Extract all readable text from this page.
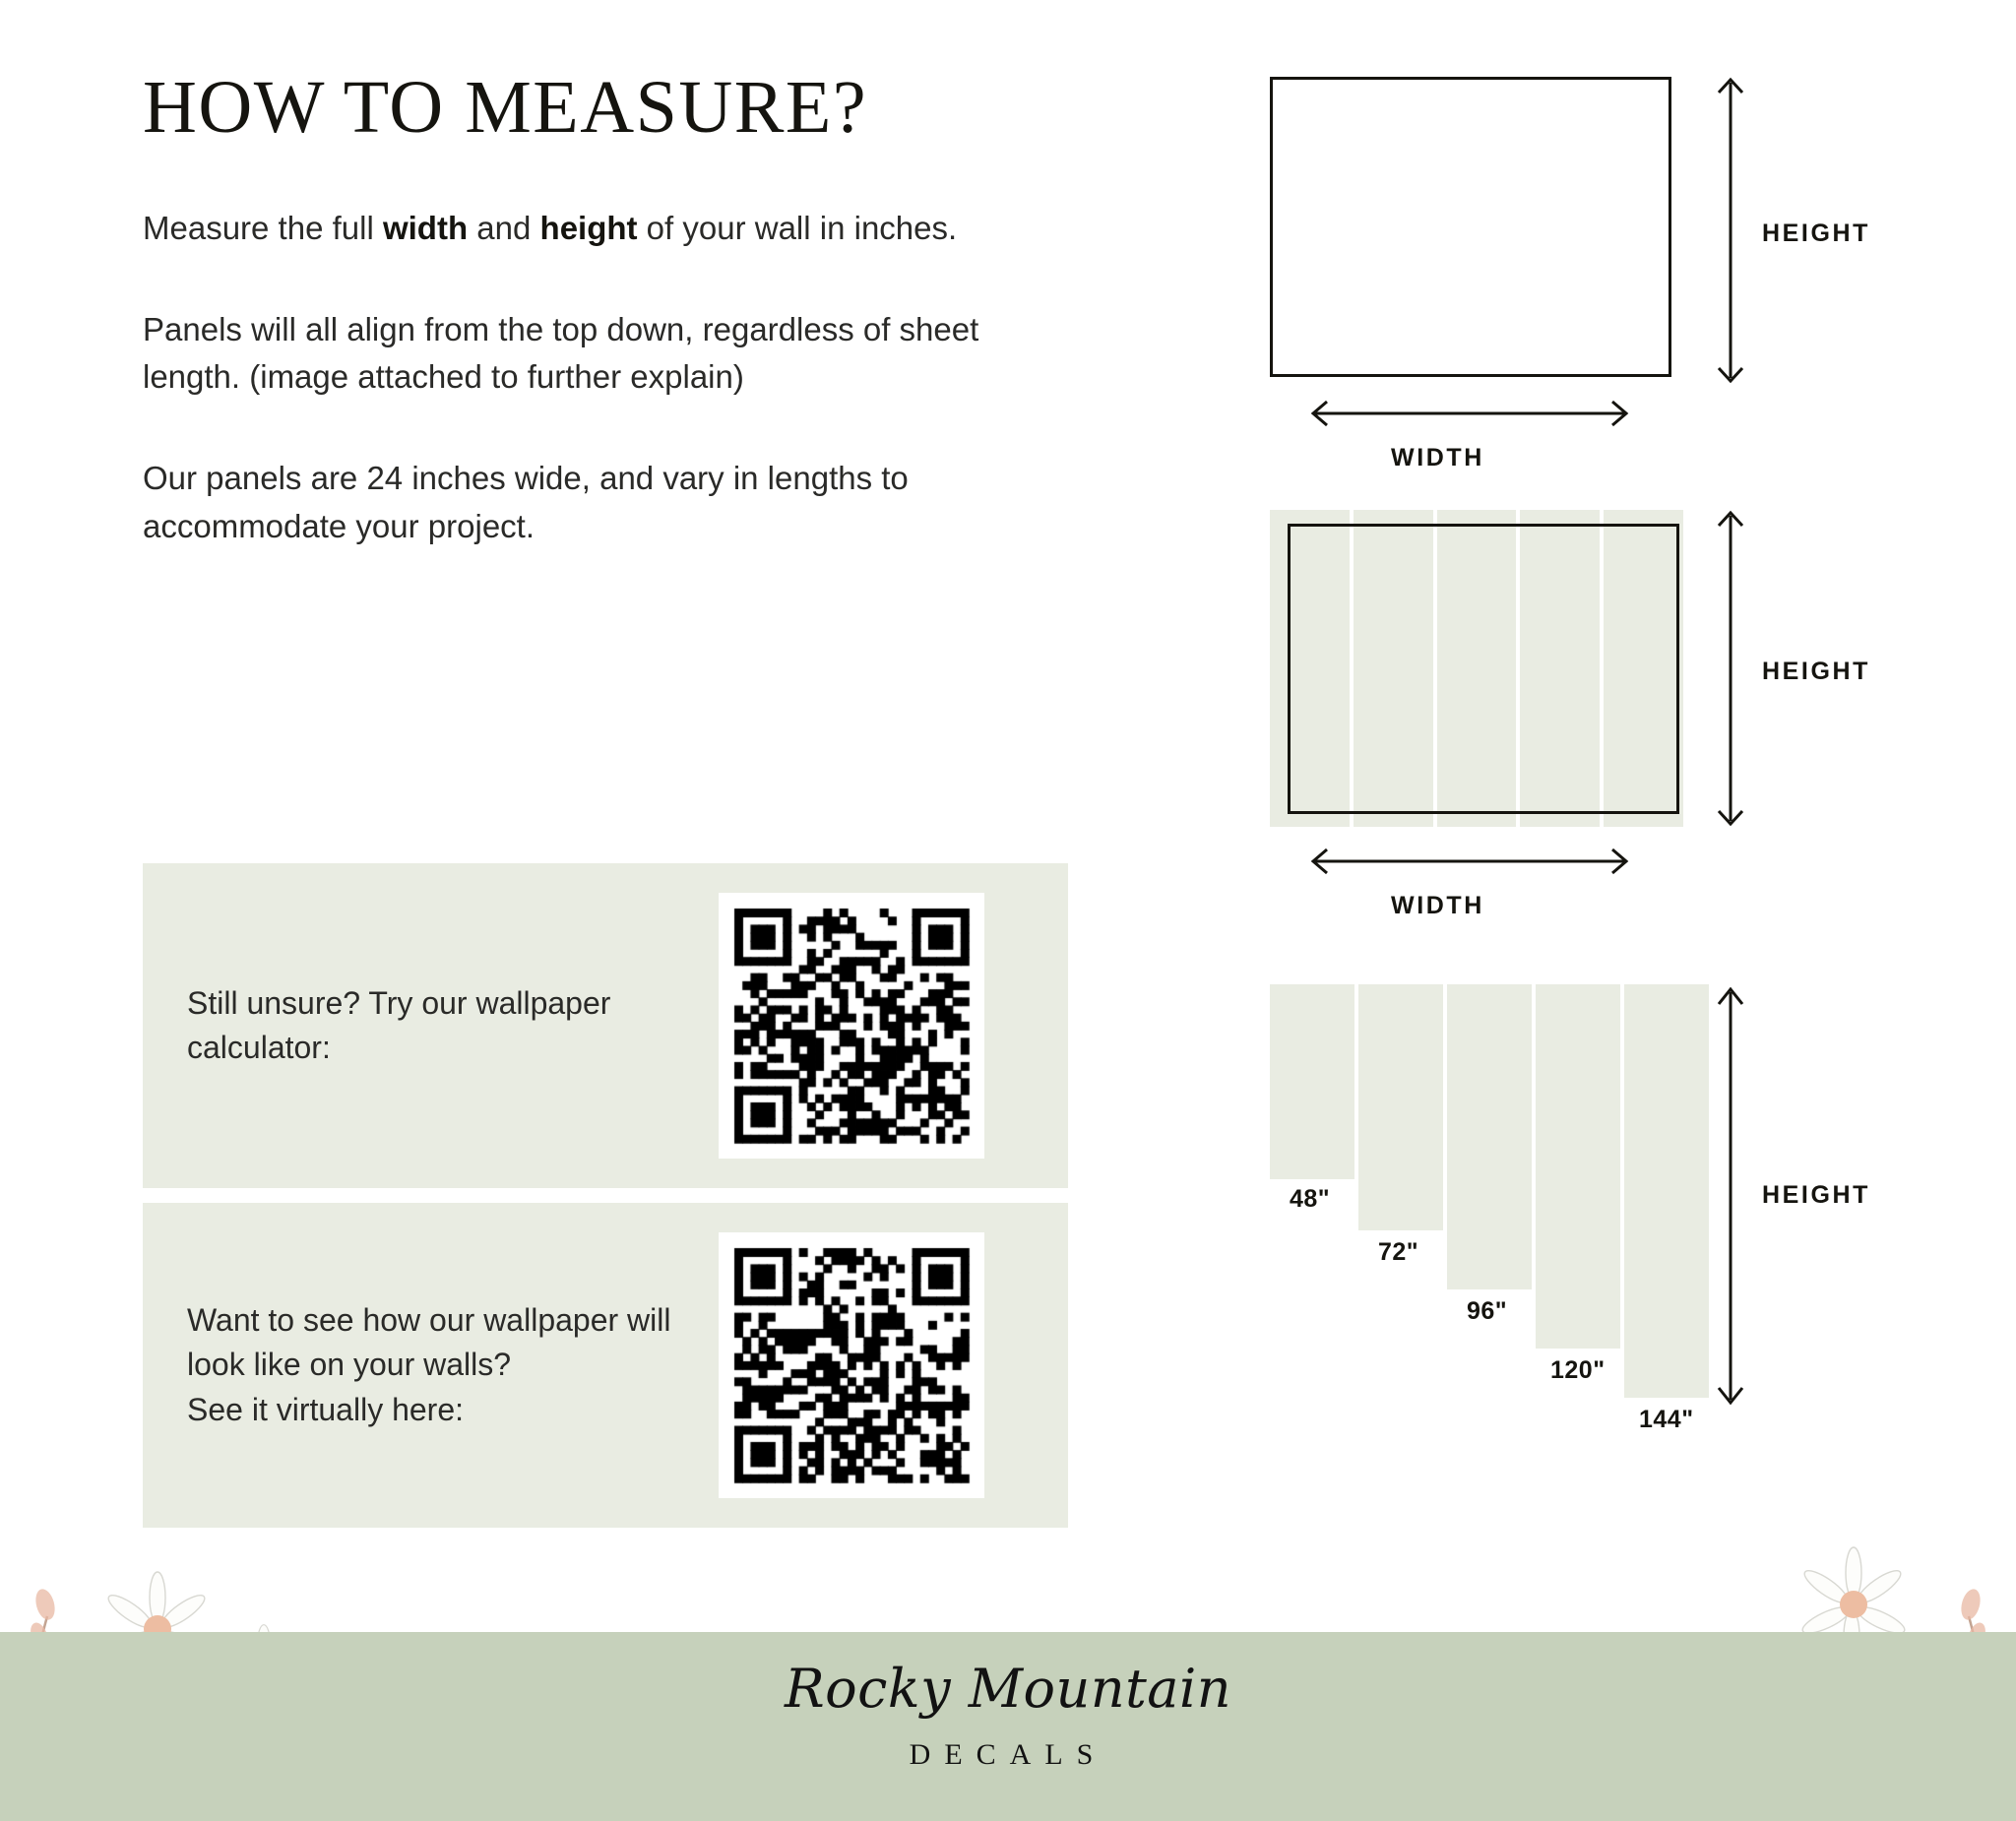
HOW TO MEASURE?

Measure the full width and height of your wall in inches.

Panels will all align from the top down, regardless of sheet length. (image attached to further explain)

Our panels are 24 inches wide, and vary in lengths to accommodate your project.

Still unsure? Try our wallpaper calculator:
Want to see how our wallpaper will look like on your walls?
See it virtually here:
HEIGHT
WIDTH
HEIGHT
WIDTH
48"
72"
96"
120"
144"
HEIGHT
Rocky Mountain
DECALS
